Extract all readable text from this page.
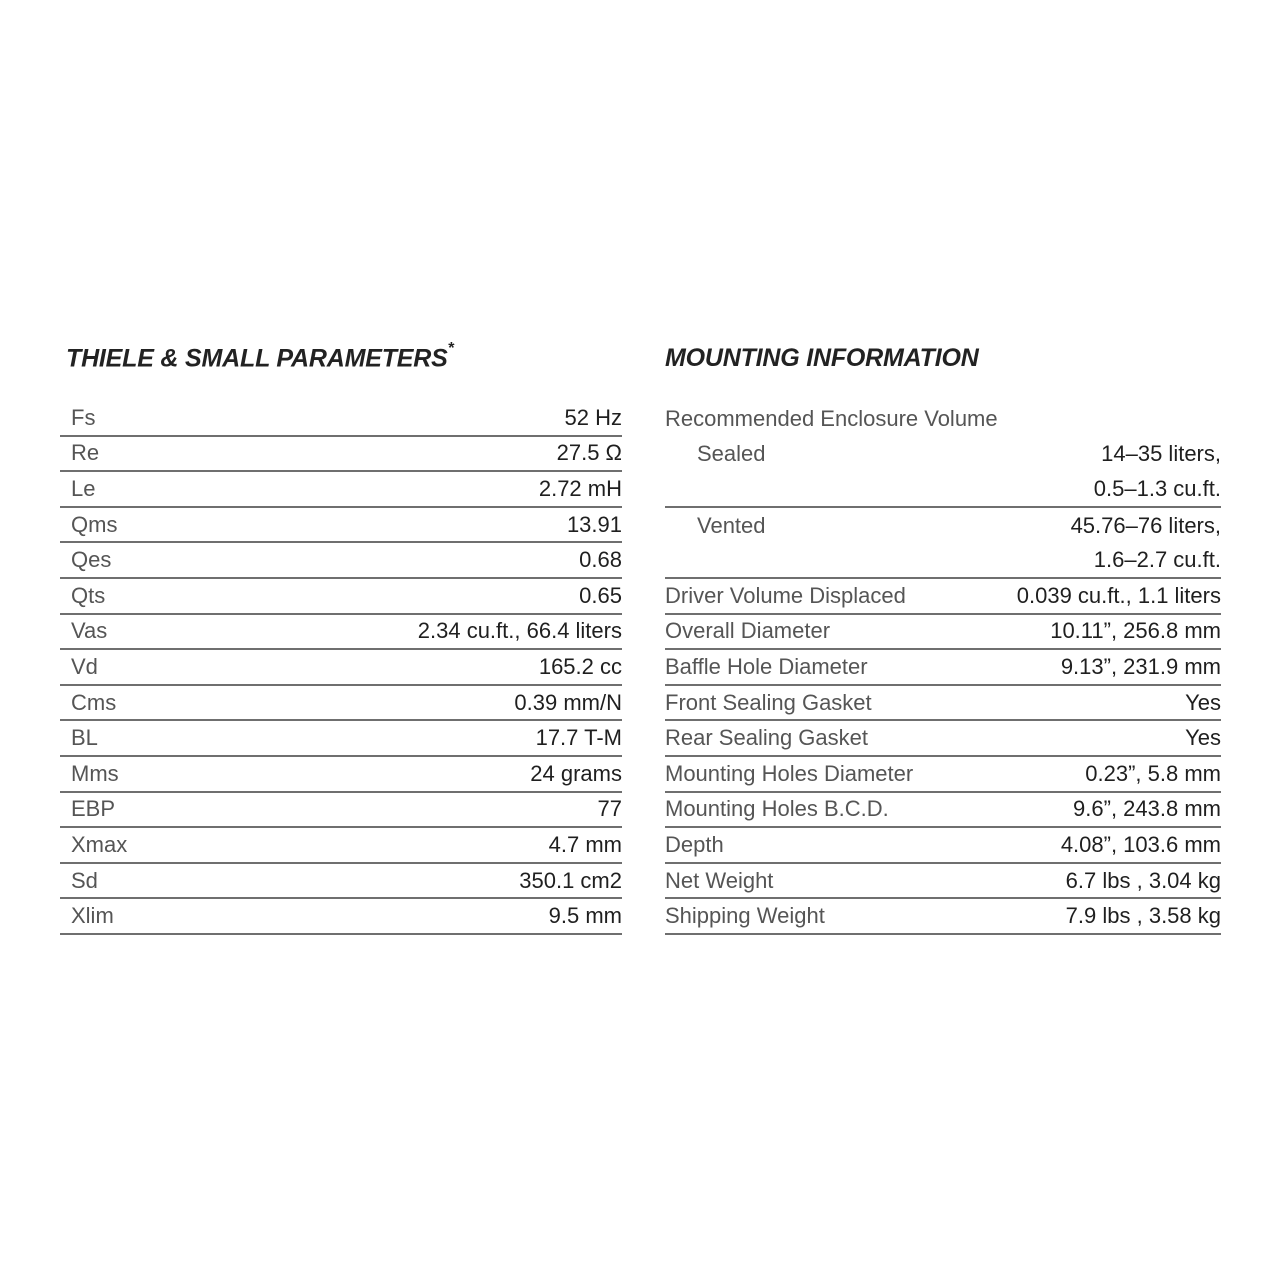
THIELE & SMALL PARAMETERS*	MOUNTING INFORMATION
Fs	52 Hz
Re	27.5 Ω
Le	2.72 mH
Qms	13.91
Qes	0.68
Qts	0.65
Vas	2.34 cu.ft., 66.4 liters
Vd	165.2 cc
Cms	0.39 mm/N
BL	17.7 T-M
Mms	24 grams
EBP	77
Xmax	4.7 mm
Sd	350.1 cm2
Xlim	9.5 mm
Recommended Enclosure Volume
Sealed	14–35 liters,
0.5–1.3 cu.ft.
Vented	45.76–76 liters,
1.6–2.7 cu.ft.
Driver Volume Displaced	0.039 cu.ft., 1.1 liters
Overall Diameter	10.11”, 256.8 mm
Baffle Hole Diameter	9.13”, 231.9 mm
Front Sealing Gasket	Yes
Rear Sealing Gasket	Yes
Mounting Holes Diameter	0.23”, 5.8 mm
Mounting Holes B.C.D.	9.6”, 243.8 mm
Depth	4.08”, 103.6 mm
Net Weight	6.7 lbs , 3.04 kg
Shipping Weight	7.9 lbs , 3.58 kg
